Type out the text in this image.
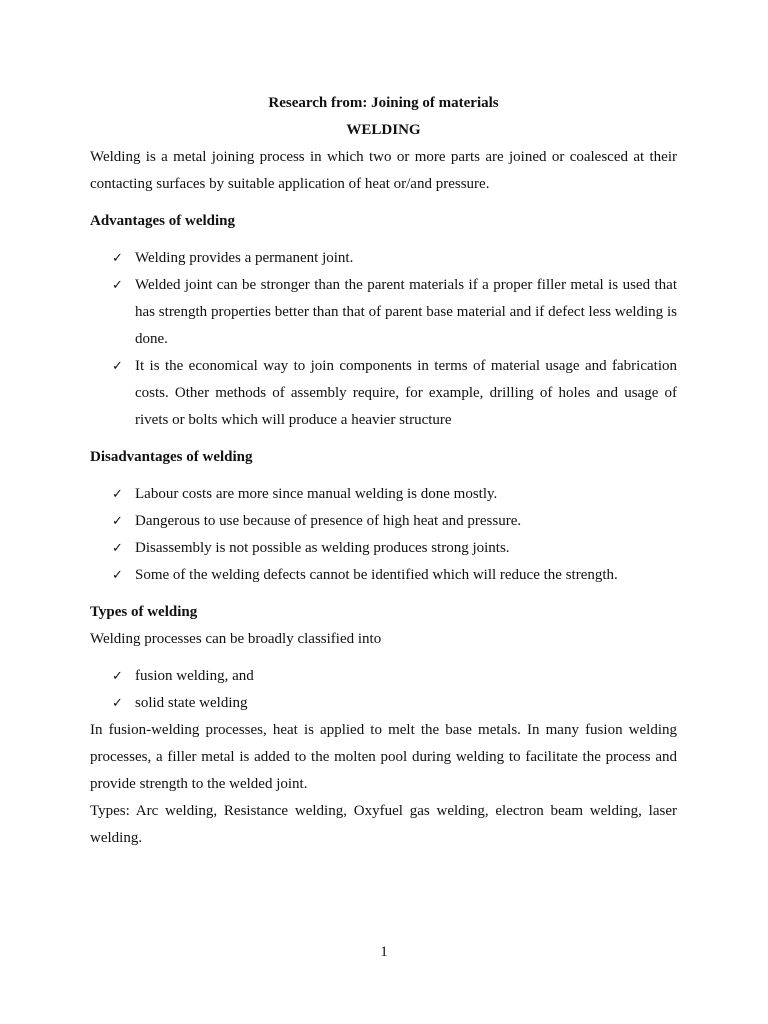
Research from: Joining of materials
WELDING

Welding is a metal joining process in which two or more parts are joined or coalesced at their contacting surfaces by suitable application of heat or/and pressure.

Advantages of welding
✓ Welding provides a permanent joint.
✓ Welded joint can be stronger than the parent materials if a proper filler metal is used that has strength properties better than that of parent base material and if defect less welding is done.
✓ It is the economical way to join components in terms of material usage and fabrication costs. Other methods of assembly require, for example, drilling of holes and usage of rivets or bolts which will produce a heavier structure
Disadvantages of welding
✓ Labour costs are more since manual welding is done mostly.
✓ Dangerous to use because of presence of high heat and pressure.
✓ Disassembly is not possible as welding produces strong joints.
✓ Some of the welding defects cannot be identified which will reduce the strength.
Types of welding

Welding processes can be broadly classified into

✓ fusion welding, and
✓ solid state welding

In fusion-welding processes, heat is applied to melt the base metals. In many fusion welding processes, a filler metal is added to the molten pool during welding to facilitate the process and provide strength to the welded joint.

Types: Arc welding, Resistance welding, Oxyfuel gas welding, electron beam welding, laser welding.

1
